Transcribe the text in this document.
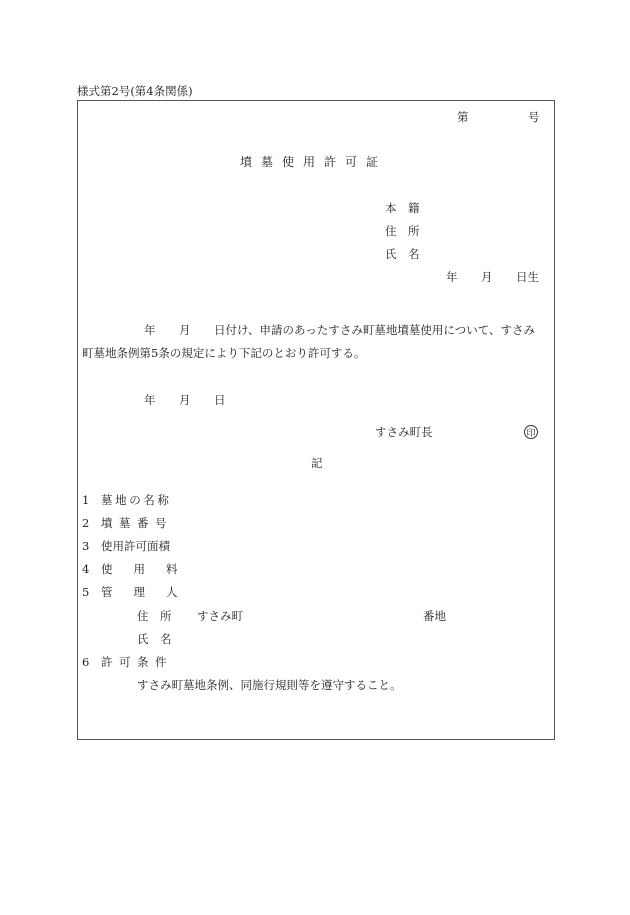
様式第2号(第4条関係)
第	号
墳墓使用許可証
本　籍
住　所
氏　名
年 月 日生
年 月 日付け、申請のあったすさみ町墓地墳墓使用について、すさみ
町墓地条例第5条の規定により下記のとおり許可する。
年 月 日
すさみ町長	印
記
1 墓地の名称
2 墳墓番号
3 使用許可面積
4 使用料
5 管理人
住　所 すさみ町	番地
氏　名
6 許可条件
すさみ町墓地条例、同施行規則等を遵守すること。
